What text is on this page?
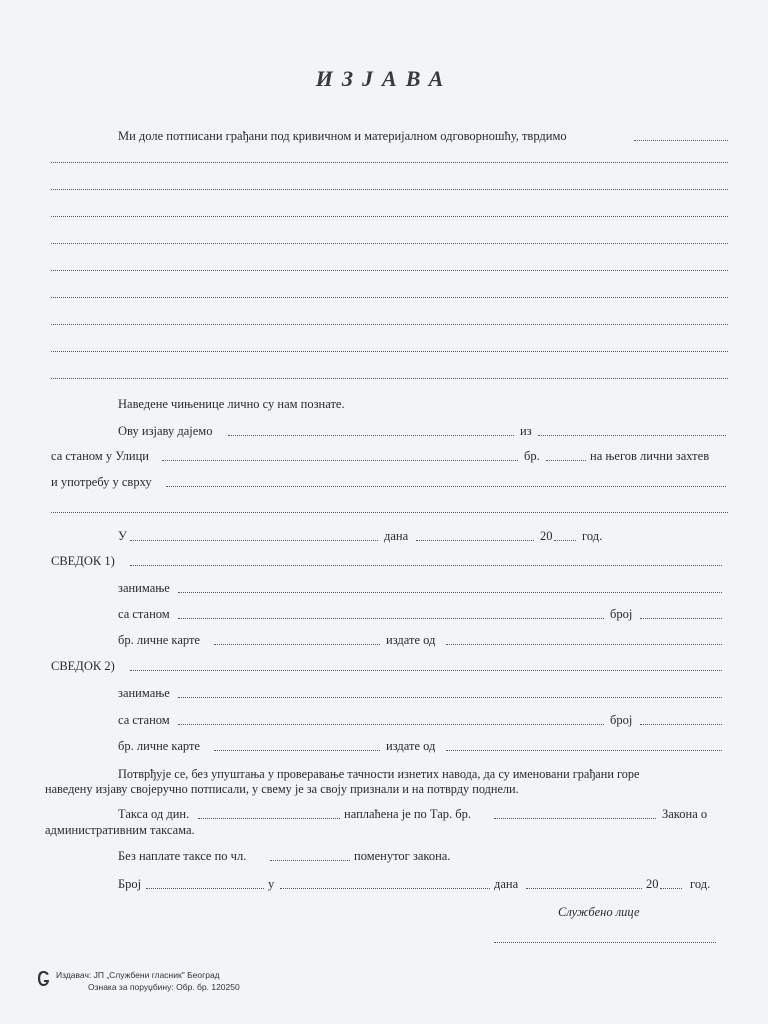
ИЗЈАВА
Ми доле потписани грађани под кривичном и материјалном одговорношћу, тврдимо
Наведене чињенице лично су нам познате.
Ову изјаву дајемо	из
са станом у Улици	бр.	на његов лични захтев
и употребу у сврху
У	дана	20 год.
СВЕДОК 1)
занимање
са станом	број
бр. личне карте	издате од
СВЕДОК 2)
занимање
са станом	број
бр. личне карте	издате од
Потврђује се, без упуштања у проверавање тачности изнетих навода, да су именовани грађани горе
наведену изјаву својеручно потписали, у свему је за своју признали и на потврду поднели.
Такса од дин.	наплаћена је по Тар. бр.	Закона о
административним таксама.
Без наплате таксе по чл.	поменутог закона.
Број	у	дана	20	год.
Службено лице
Издавач: ЈП „Службени гласник" Београд
Ознака за поруџбину: Обр. бр. 120250
